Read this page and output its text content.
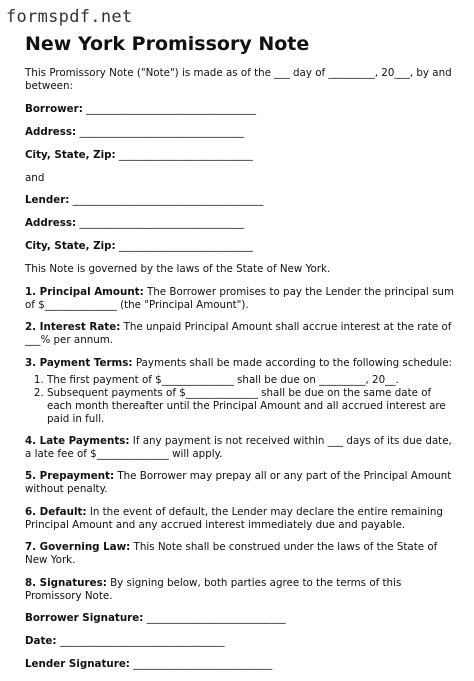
formspdf.net
New York Promissory Note
This Promissory Note ("Note") is made as of the ___ day of _________, 20___, by and between:
Borrower: _________________________________
Address: ________________________________
City, State, Zip: __________________________
and
Lender: _____________________________________
Address: ________________________________
City, State, Zip: __________________________
This Note is governed by the laws of the State of New York.
1. Principal Amount: The Borrower promises to pay the Lender the principal sum of $______________ (the "Principal Amount").
2. Interest Rate: The unpaid Principal Amount shall accrue interest at the rate of ___% per annum.
3. Payment Terms: Payments shall be made according to the following schedule:
1. The first payment of $______________ shall be due on _________, 20__.
2. Subsequent payments of $______________ shall be due on the same date of each month thereafter until the Principal Amount and all accrued interest are paid in full.
4. Late Payments: If any payment is not received within ___ days of its due date, a late fee of $______________ will apply.
5. Prepayment: The Borrower may prepay all or any part of the Principal Amount without penalty.
6. Default: In the event of default, the Lender may declare the entire remaining Principal Amount and any accrued interest immediately due and payable.
7. Governing Law: This Note shall be construed under the laws of the State of New York.
8. Signatures: By signing below, both parties agree to the terms of this Promissory Note.
Borrower Signature: ___________________________
Date: ________________________________
Lender Signature: ___________________________
